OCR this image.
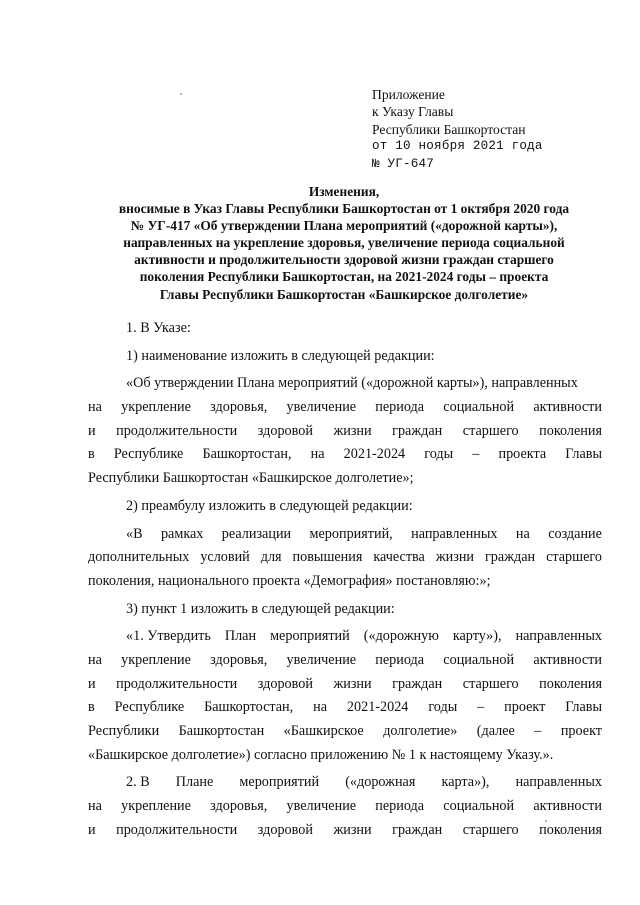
Приложение
к Указу Главы
Республики Башкортостан
от 10 ноября 2021 года
№ УГ-647
Изменения,
вносимые в Указ Главы Республики Башкортостан от 1 октября 2020 года
№ УГ-417 «Об утверждении Плана мероприятий («дорожной карты»),
направленных на укрепление здоровья, увеличение периода социальной
активности и продолжительности здоровой жизни граждан старшего
поколения Республики Башкортостан, на 2021-2024 годы – проекта
Главы Республики Башкортостан «Башкирское долголетие»
1. В Указе:
1) наименование изложить в следующей редакции:
«Об утверждении Плана мероприятий («дорожной карты»), направленных
на укрепление здоровья, увеличение периода социальной активности
и продолжительности здоровой жизни граждан старшего поколения
в Республике Башкортостан, на 2021-2024 годы – проекта Главы
Республики Башкортостан «Башкирское долголетие»;
2) преамбулу изложить в следующей редакции:
«В рамках реализации мероприятий, направленных на создание
дополнительных условий для повышения качества жизни граждан старшего
поколения, национального проекта «Демография» постановляю:»;
3) пункт 1 изложить в следующей редакции:
«1. Утвердить План мероприятий («дорожную карту»), направленных
на укрепление здоровья, увеличение периода социальной активности
и продолжительности здоровой жизни граждан старшего поколения
в Республике Башкортостан, на 2021-2024 годы – проект Главы
Республики Башкортостан «Башкирское долголетие» (далее – проект
«Башкирское долголетие») согласно приложению № 1 к настоящему Указу.».
2. В Плане мероприятий («дорожная карта»), направленных
на укрепление здоровья, увеличение периода социальной активности
и продолжительности здоровой жизни граждан старшего поколения
